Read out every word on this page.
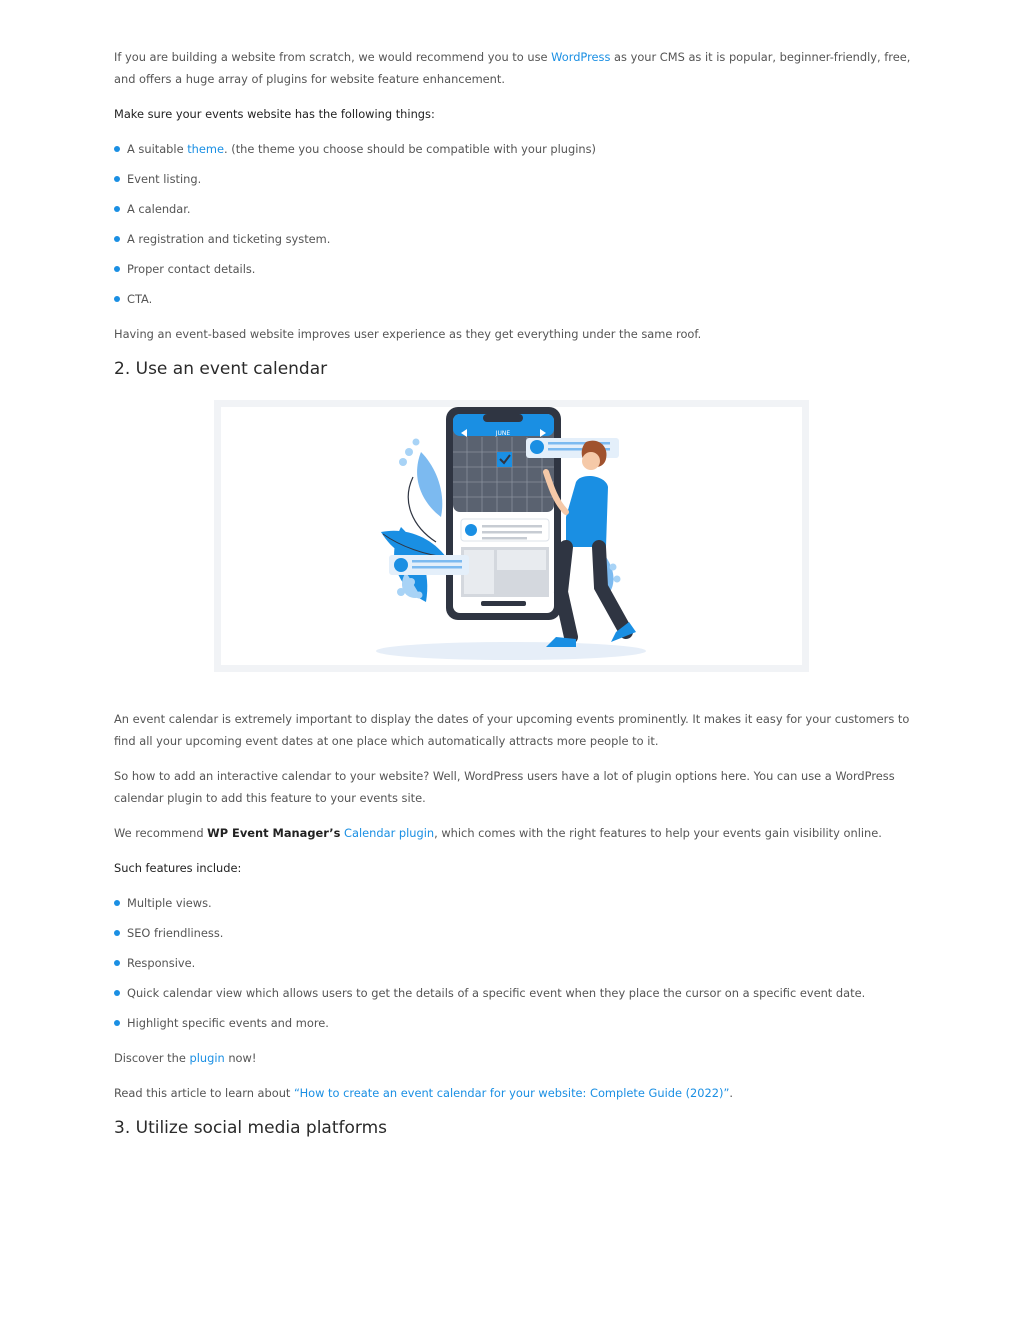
If you are building a website from scratch, we would recommend you to use WordPress as your CMS as it is popular, beginner-friendly, free, and offers a huge array of plugins for website feature enhancement.

Make sure your events website has the following things:

A suitable theme. (the theme you choose should be compatible with your plugins)
Event listing.
A calendar.
A registration and ticketing system.
Proper contact details.
CTA.

Having an event-based website improves user experience as they get everything under the same roof.

2. Use an event calendar
JUNE

An event calendar is extremely important to display the dates of your upcoming events prominently. It makes it easy for your customers to find all your upcoming event dates at one place which automatically attracts more people to it.

So how to add an interactive calendar to your website? Well, WordPress users have a lot of plugin options here. You can use a WordPress calendar plugin to add this feature to your events site.

We recommend WP Event Manager’s Calendar plugin, which comes with the right features to help your events gain visibility online.

Such features include:

Multiple views.
SEO friendliness.
Responsive.
Quick calendar view which allows users to get the details of a specific event when they place the cursor on a specific event date.
Highlight specific events and more.

Discover the plugin now!

Read this article to learn about “How to create an event calendar for your website: Complete Guide (2022)”.

3. Utilize social media platforms
